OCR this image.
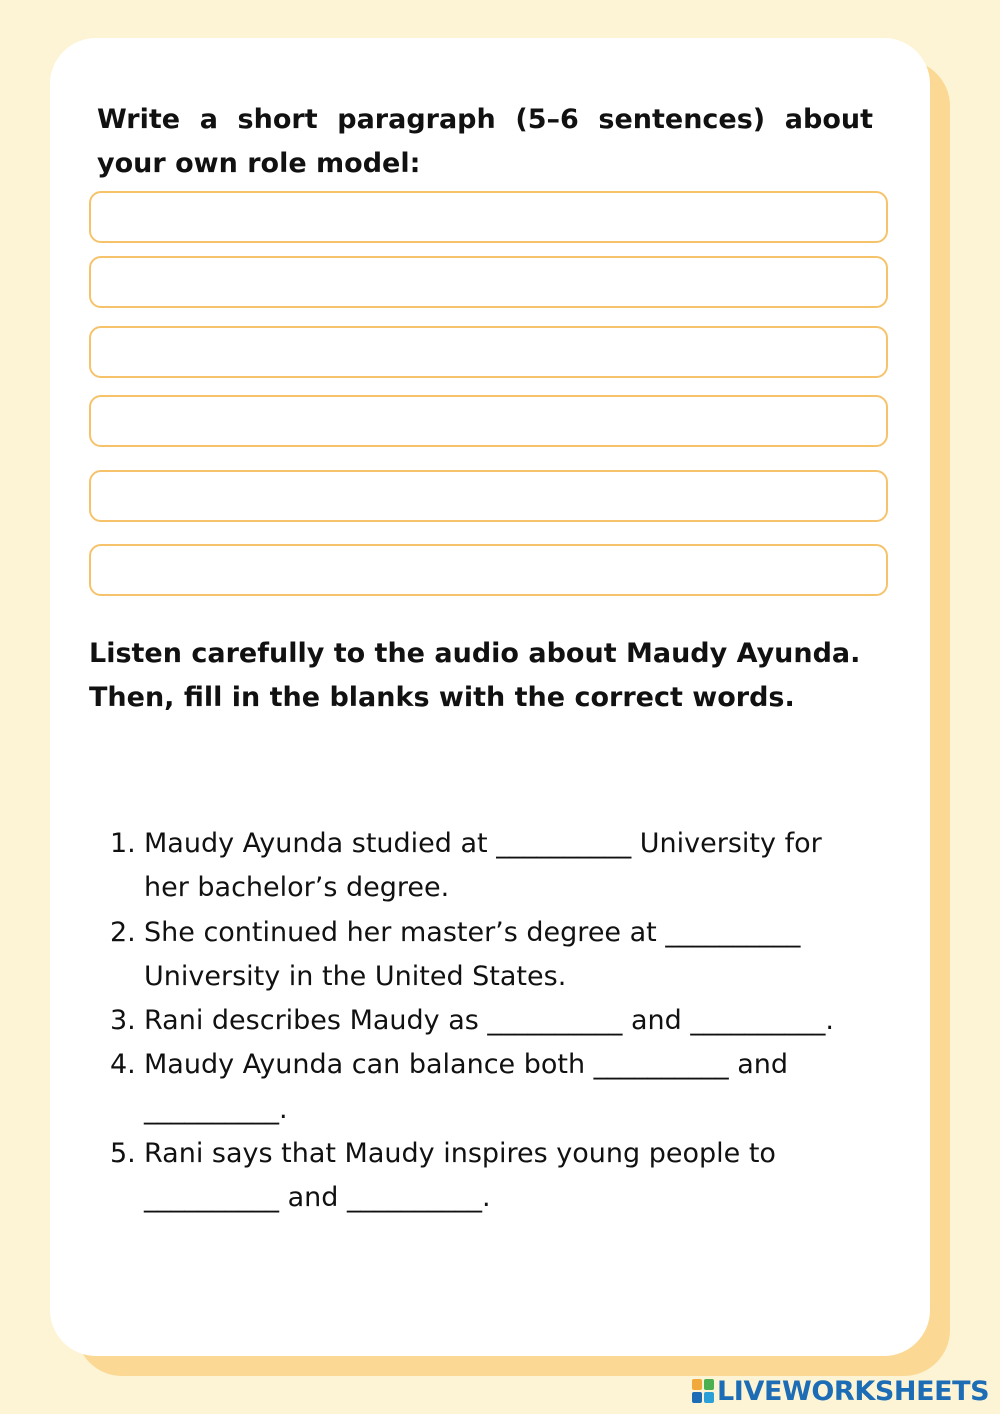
Write a short paragraph (5–6 sentences) about your own role model:

Listen carefully to the audio about Maudy Ayunda.
Then, fill in the blanks with the correct words.

1. Maudy Ayunda studied at __________ University for
her bachelor’s degree.
2. She continued her master’s degree at __________
University in the United States.
3. Rani describes Maudy as __________ and __________.
4. Maudy Ayunda can balance both __________ and
__________.
5. Rani says that Maudy inspires young people to
__________ and __________.
LIVEWORKSHEETS
